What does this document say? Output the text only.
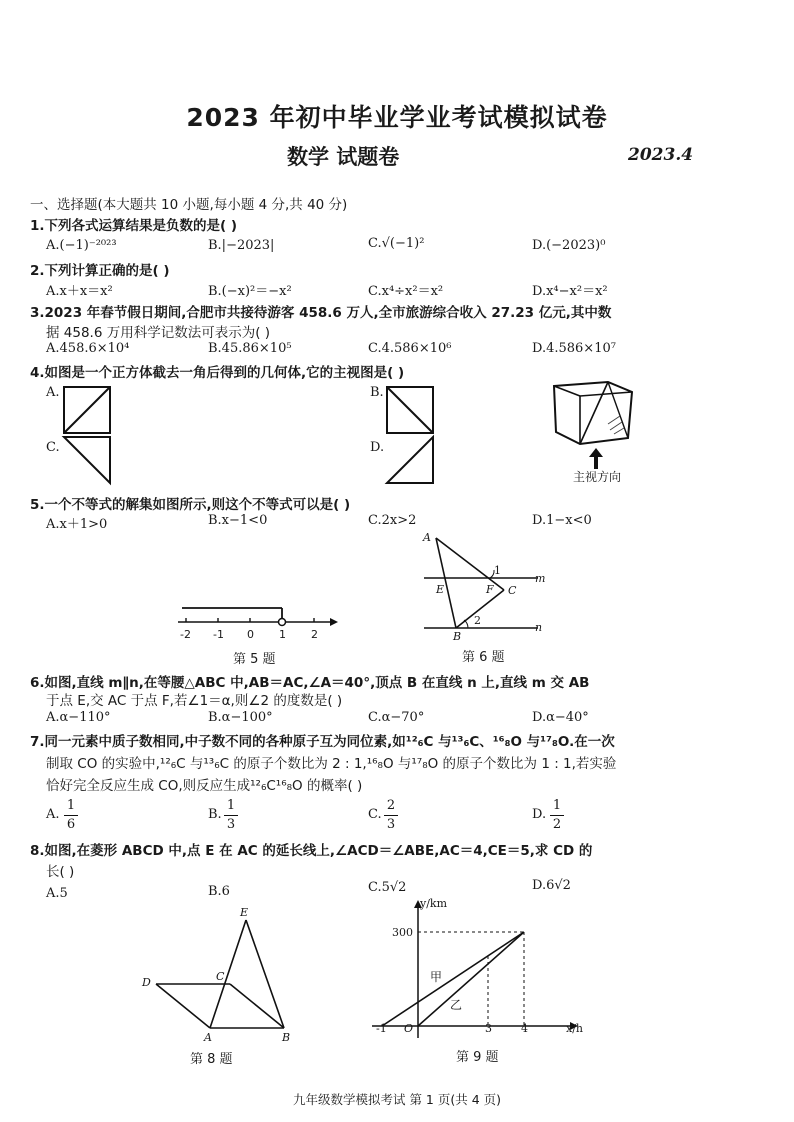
2023 年初中毕业学业考试模拟试卷
数学 试题卷	2023.4
一、选择题(本大题共 10 小题,每小题 4 分,共 40 分)
1.下列各式运算结果是负数的是( )
A.(−1)⁻²⁰²³	B.|−2023|	C.√(−1)²	D.(−2023)⁰
2.下列计算正确的是( )
A.x＋x＝x²	B.(−x)²＝−x²	C.x⁴÷x²＝x²	D.x⁴−x²＝x²
3.2023 年春节假日期间,合肥市共接待游客 458.6 万人,全市旅游综合收入 27.23 亿元,其中数
据 458.6 万用科学记数法可表示为( )
A.458.6×10⁴	B.45.86×10⁵	C.4.586×10⁶	D.4.586×10⁷
4.如图是一个正方体截去一角后得到的几何体,它的主视图是( )
A.	B.
C.	D.
主视方向
5.一个不等式的解集如图所示,则这个不等式可以是( )
A.x＋1>0	B.x−1<0	C.2x>2	D.1−x<0
-2 -1 0 1 2
第 5 题
A
E	F C
B
m
n
1
2
第 6 题
6.如图,直线 m∥n,在等腰△ABC 中,AB＝AC,∠A＝40°,顶点 B 在直线 n 上,直线 m 交 AB
于点 E,交 AC 于点 F,若∠1＝α,则∠2 的度数是( )
A.α−110°	B.α−100°	C.α−70°	D.α−40°
7.同一元素中质子数相同,中子数不同的各种原子互为同位素,如¹²₆C 与¹³₆C、¹⁶₈O 与¹⁷₈O.在一次
制取 CO 的实验中,¹²₆C 与¹³₆C 的原子个数比为 2 : 1,¹⁶₈O 与¹⁷₈O 的原子个数比为 1 : 1,若实验
恰好完全反应生成 CO,则反应生成¹²₆C¹⁶₈O 的概率( )
A.
1
6
B.
1
3
C.
2
3
D.
1
2
8.如图,在菱形 ABCD 中,点 E 在 AC 的延长线上,∠ACD＝∠ABE,AC＝4,CE＝5,求 CD 的
长( )
A.5	B.6	C.5√2	D.6√2
E
D	C
A	B
第 8 题
y/km
x/h
300
-1 O	3	4
甲
乙
第 9 题
九年级数学模拟考试 第 1 页(共 4 页)
